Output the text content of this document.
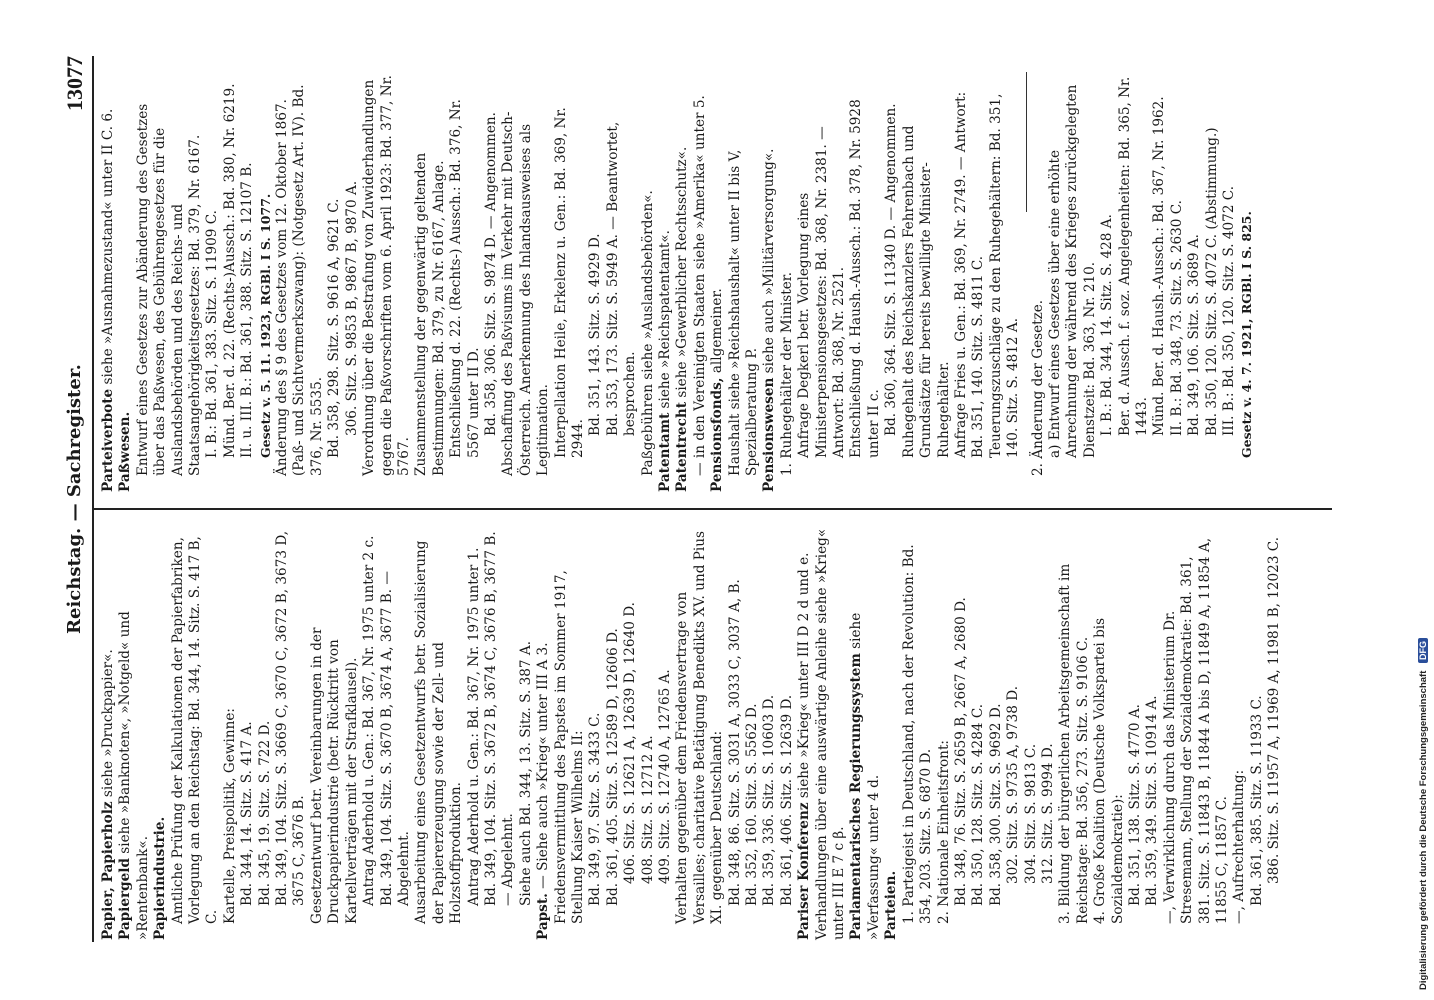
Reichstag. — Sachregister.
13077

Papier, Papierholz siehe »Druckpapier«.

Papiergeld siehe »Banknoten«, »Notgeld« und »Rentenbank«. Papierindustrie. Amtliche Prüfung der Kalkulationen der Papierfabriken, Vorlegung an den Reichstag: Bd. 344, 14. Sitz. S. 417 B, C. Kartelle, Preispolitik, Gewinne: Bd. 344, 14. Sitz. S. 417 A. Bd. 345, 19. Sitz. S. 722 D. Bd. 349, 104. Sitz. S. 3669 C, 3670 C, 3672 B, 3673 D, 3675 C, 3676 B. Gesetzentwurf betr. Vereinbarungen in der Druckpapierindustrie (betr. Rücktritt von Kartellverträgen mit der Strafklausel). Antrag Aderhold u. Gen.: Bd. 367, Nr. 1975 unter 2 c. Bd. 349, 104. Sitz. S. 3670 B, 3674 A, 3677 B. — Abgelehnt. Ausarbeitung eines Gesetzentwurfs betr. Sozialisierung der Papiererzeugung sowie der Zell- und Holzstoffproduktion. Antrag Aderhold u. Gen.: Bd. 367, Nr. 1975 unter 1. Bd. 349, 104. Sitz. S. 3672 B, 3674 C, 3676 B, 3677 B. — Abgelehnt. Siehe auch Bd. 344, 13. Sitz. S. 387 A.

Papst. — Siehe auch »Krieg« unter III A 3. Friedensvermittlung des Papstes im Sommer 1917, Stellung Kaiser Wilhelms II: Bd. 349, 97. Sitz. S. 3433 C. Bd. 361, 405. Sitz. S. 12589 D, 12606 D. 406. Sitz. S. 12621 A, 12639 D, 12640 D. 408. Sitz. S. 12712 A. 409. Sitz. S. 12740 A, 12765 A. Verhalten gegenüber dem Friedensvertrage von Versailles; charitative Betätigung Benedikts XV. und Pius XI. gegenüber Deutschland: Bd. 348, 86. Sitz. S. 3031 A, 3033 C, 3037 A, B. Bd. 352, 160. Sitz. S. 5562 D. Bd. 359, 336. Sitz. S. 10603 D. Bd. 361, 406. Sitz. S. 12639 D. Pariser Konferenz siehe »Krieg« unter III D 2 d und e. Verhandlungen über eine auswärtige Anleihe siehe »Krieg« unter III E 7 c β. Parlamentarisches Regierungssystem siehe »Verfassung« unter 4 d. Parteien. 1. Parteigeist in Deutschland, nach der Revolution: Bd. 354, 203. Sitz. S. 6870 D. 2. Nationale Einheitsfront: Bd. 348, 76. Sitz. S. 2659 B, 2667 A, 2680 D. Bd. 350, 128. Sitz. S. 4284 C. Bd. 358, 300. Sitz. S. 9692 D. 302. Sitz. S. 9735 A, 9738 D. 304. Sitz. S. 9813 C. 312. Sitz. S. 9994 D. 3. Bildung der bürgerlichen Arbeitsgemeinschaft im Reichstage: Bd. 356, 273. Sitz. S. 9106 C. 4. Große Koalition (Deutsche Volkspartei bis Sozialdemokratie): Bd. 351, 138. Sitz. S. 4770 A. Bd. 359, 349. Sitz. S. 10914 A. —, Verwirklichung durch das Ministerium Dr. Stresemann, Stellung der Sozialdemokratie: Bd. 361, 381. Sitz. S. 11843 B, 11844 A bis D, 11849 A, 11854 A, 11855 C, 11857 C. —, Aufrechterhaltung: Bd. 361, 385. Sitz. S. 11933 C. 386. Sitz. S. 11957 A, 11969 A, 11981 B, 12023 C.

Parteiverbote siehe »Ausnahmezustand« unter II C. 6.

Paßwesen. Entwurf eines Gesetzes zur Abänderung des Gesetzes über das Paßwesen, des Gebührengesetzes für die Auslandsbehörden und des Reichs- und Staatsangehörigkeitsgesetzes: Bd. 379, Nr. 6167. I. B.: Bd. 361, 383. Sitz. S. 11909 C. Münd. Ber. d. 22. (Rechts-)Aussch.: Bd. 380, Nr. 6219. II. u. III. B.: Bd. 361, 388. Sitz. S. 12107 B. Gesetz v. 5. 11. 1923, RGBl. I S. 1077. Änderung des § 9 des Gesetzes vom 12. Oktober 1867. (Paß- und Sichtvermerkszwang): (Notgesetz Art. IV). Bd. 376, Nr. 5535. Bd. 358, 298. Sitz. S. 9616 A, 9621 C. 306. Sitz. S. 9853 B, 9867 B, 9870 A. Verordnung über die Bestrafung von Zuwiderhandlungen gegen die Paßvorschriften vom 6. April 1923: Bd. 377, Nr. 5767. Zusammenstellung der gegenwärtig geltenden Bestimmungen: Bd. 379, zu Nr. 6167, Anlage. Entschließung d. 22. (Rechts-) Aussch.: Bd. 376, Nr. 5567 unter II D. Bd. 358, 306. Sitz. S. 9874 D. — Angenommen. Abschaffung des Paßvisums im Verkehr mit Deutsch-Österreich. Anerkennung des Inlandsausweises als Legitimation. Interpellation Heile, Erkelenz u. Gen.: Bd. 369, Nr. 2944.

Bd. 351, 143. Sitz. S. 4929 D. Bd. 353, 173. Sitz. S. 5949 A. — Beantwortet, besprochen. Paßgebühren siehe »Auslandsbehörden«. Patentamt siehe »Reichspatentamt«.

Patentrecht siehe »Gewerblicher Rechtsschutz«. — in den Vereinigten Staaten siehe »Amerika« unter 5. Pensionsfonds, allgemeiner. Haushalt siehe »Reichshaushalt« unter II bis V, Spezialberatung P. Pensionswesen siehe auch »Militärversorgung«. 1. Ruhegehälter der Minister. Anfrage Degkerl betr. Vorlegung eines Ministerpensionsgesetzes: Bd. 368, Nr. 2381. — Antwort: Bd. 368, Nr. 2521. Entschließung d. Haush.-Aussch.: Bd. 378, Nr. 5928 unter II c. Bd. 360, 364. Sitz. S. 11340 D. — Angenommen. Ruhegehalt des Reichskanzlers Fehrenbach und Grundsätze für bereits bewilligte Minister-Ruhegehälter. Anfrage Fries u. Gen.: Bd. 369, Nr. 2749. — Antwort: Bd. 351, 140. Sitz. S. 4811 C. Teuerungszuschläge zu den Ruhegehältern: Bd. 351, 140. Sitz. S. 4812 A. 2. Änderung der Gesetze. a) Entwurf eines Gesetzes über eine erhöhte Anrechnung der während des Krieges zurückgelegten Dienstzeit: Bd. 363, Nr. 210. I. B.: Bd. 344, 14. Sitz. S. 428 A. Ber. d. Aussch. f. soz. Angelegenheiten: Bd. 365, Nr. 1443. Münd. Ber. d. Haush.-Aussch.: Bd. 367, Nr. 1962. II. B.: Bd. 348, 73. Sitz. S. 2630 C. Bd. 349, 106. Sitz. S. 3689 A. Bd. 350, 120. Sitz. S. 4072 C. (Abstimmung.) III. B.: Bd. 350, 120. Sitz. S. 4072 C. Gesetz v. 4. 7. 1921, RGBl. I S. 825.

Digitalisierung gefördert durch die Deutsche Forschungsgemeinschaft DFG
